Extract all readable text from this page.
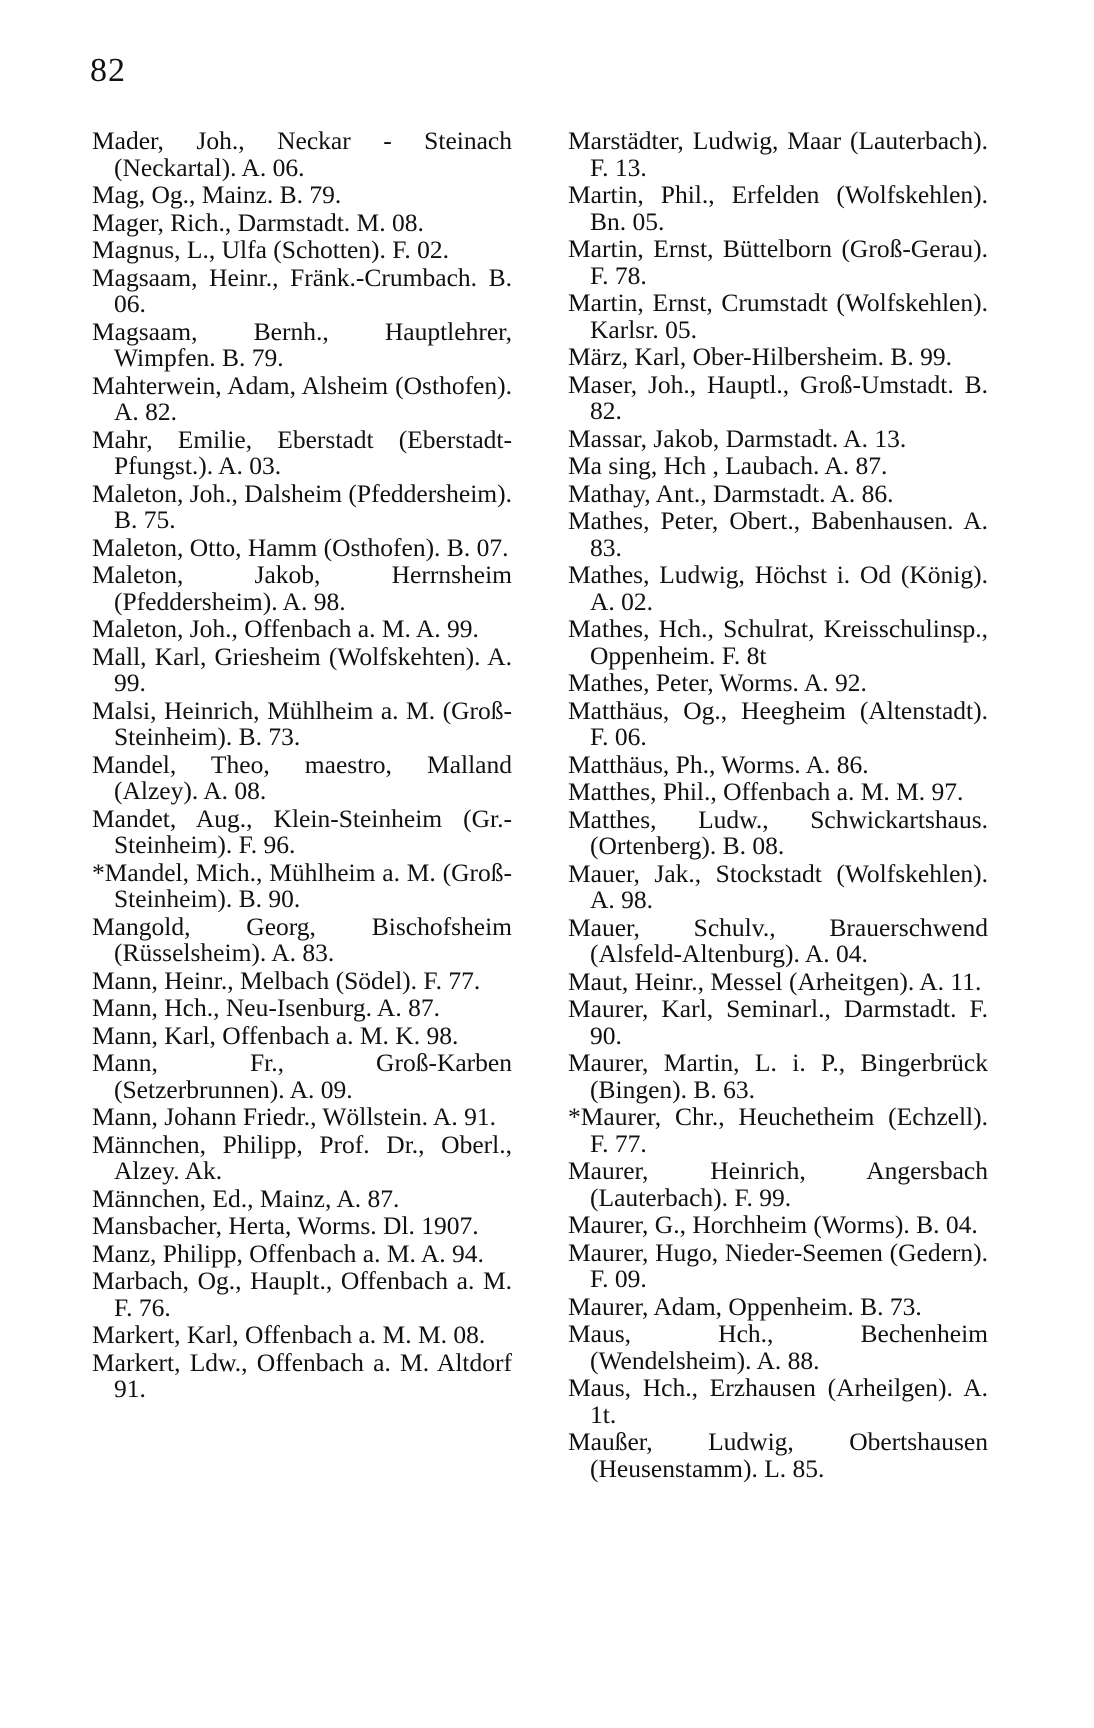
82

Mader, Joh., Neckar - Steinach (Neckartal). A. 06.

Mag, Og., Mainz. B. 79.

Mager, Rich., Darmstadt. M. 08.

Magnus, L., Ulfa (Schotten). F. 02.

Magsaam, Heinr., Fränk.-Crumbach. B. 06.

Magsaam, Bernh., Hauptlehrer, Wimpfen. B. 79.

Mahterwein, Adam, Alsheim (Osthofen). A. 82.

Mahr, Emilie, Eberstadt (Eberstadt-Pfungst.). A. 03.

Maleton, Joh., Dalsheim (Pfeddersheim). B. 75.

Maleton, Otto, Hamm (Osthofen). B. 07.

Maleton, Jakob, Herrnsheim (Pfeddersheim). A. 98.

Maleton, Joh., Offenbach a. M. A. 99.

Mall, Karl, Griesheim (Wolfskehten). A. 99.

Malsi, Heinrich, Mühlheim a. M. (Groß-Steinheim). B. 73.

Mandel, Theo, maestro, Malland (Alzey). A. 08.

Mandet, Aug., Klein-Steinheim (Gr.-Steinheim). F. 96.

*Mandel, Mich., Mühlheim a. M. (Groß-Steinheim). B. 90.

Mangold, Georg, Bischofsheim (Rüsselsheim). A. 83.

Mann, Heinr., Melbach (Södel). F. 77.

Mann, Hch., Neu-Isenburg. A. 87.

Mann, Karl, Offenbach a. M. K. 98.

Mann, Fr., Groß-Karben (Setzerbrunnen). A. 09.

Mann, Johann Friedr., Wöllstein. A. 91.

Männchen, Philipp, Prof. Dr., Oberl., Alzey. Ak.

Männchen, Ed., Mainz, A. 87.

Mansbacher, Herta, Worms. Dl. 1907.

Manz, Philipp, Offenbach a. M. A. 94.

Marbach, Og., Hauplt., Offenbach a. M. F. 76.

Markert, Karl, Offenbach a. M. M. 08.

Markert, Ldw., Offenbach a. M. Altdorf 91.

Marstädter, Ludwig, Maar (Lauterbach). F. 13.

Martin, Phil., Erfelden (Wolfskehlen). Bn. 05.

Martin, Ernst, Büttelborn (Groß-Gerau). F. 78.

Martin, Ernst, Crumstadt (Wolfskehlen). Karlsr. 05.

März, Karl, Ober-Hilbersheim. B. 99.

Maser, Joh., Hauptl., Groß-Umstadt. B. 82.

Massar, Jakob, Darmstadt. A. 13.

Ma sing, Hch , Laubach. A. 87.

Mathay, Ant., Darmstadt. A. 86.

Mathes, Peter, Obert., Babenhausen. A. 83.

Mathes, Ludwig, Höchst i. Od (König). A. 02.

Mathes, Hch., Schulrat, Kreisschulinsp., Oppenheim. F. 8t

Mathes, Peter, Worms. A. 92.

Matthäus, Og., Heegheim (Altenstadt). F. 06.

Matthäus, Ph., Worms. A. 86.

Matthes, Phil., Offenbach a. M. M. 97.

Matthes, Ludw., Schwickartshaus. (Ortenberg). B. 08.

Mauer, Jak., Stockstadt (Wolfskehlen). A. 98.

Mauer, Schulv., Brauerschwend (Alsfeld-Altenburg). A. 04.

Maut, Heinr., Messel (Arheitgen). A. 11.

Maurer, Karl, Seminarl., Darmstadt. F. 90.

Maurer, Martin, L. i. P., Bingerbrück (Bingen). B. 63.

*Maurer, Chr., Heuchetheim (Echzell). F. 77.

Maurer, Heinrich, Angersbach (Lauterbach). F. 99.

Maurer, G., Horchheim (Worms). B. 04.

Maurer, Hugo, Nieder-Seemen (Gedern). F. 09.

Maurer, Adam, Oppenheim. B. 73.

Maus, Hch., Bechenheim (Wendelsheim). A. 88.

Maus, Hch., Erzhausen (Arheilgen). A. 1t.

Maußer, Ludwig, Obertshausen (Heusenstamm). L. 85.
